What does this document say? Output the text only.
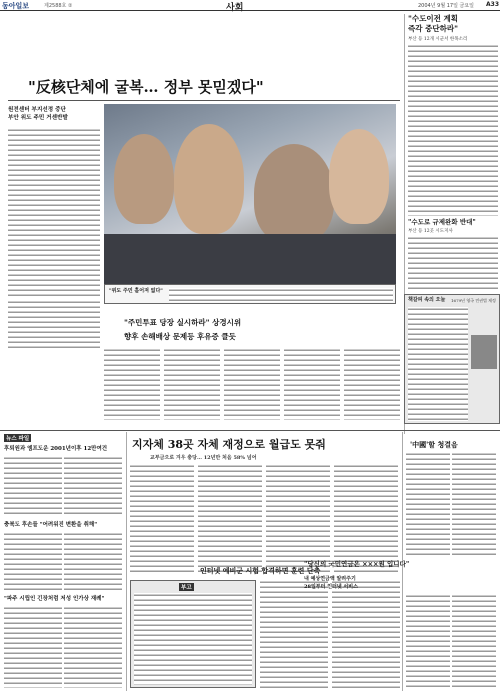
동아일보	제2588호 ②	사회	2004년 9월 17일 금요일 A33
"反核단체에 굴복… 정부 못믿겠다"
원전센터 부지선정 중단
부안 위도 주민 거센반발
"위도 주민 흩어져 없다"
"주민투표 당장 실시하라" 상경시위
향후 손해배상 문제등 후유증 클듯
"수도이전 계획
즉각 중단하라"
부산 등 12개 시군서 한목소리
"수도로 규제완화 반대"
부산 등 12곳 시도지사
책갈피 속의 오늘 1679년 영국 민권법 제정
뉴스 파일
후퇴원과 엠프도운 2001년이후 12만여건
충북도 후손들 "어려워진 변환을 취해"
"파주 시립인 긴장처럼 저성 인가상 재례"
지자체 38곳 자체 재정으로 월급도 못줘
교부금으로 겨우 충당… 12년만 처음 58% 넘어
인터넷 예비군 시험 합격하면 훈련 단축
부고
'中國'할 청결음
"당신의 국민연금은 ×××원 입니다"
내 예상연금액 알려주기
28일부터 인터넷 서비스
